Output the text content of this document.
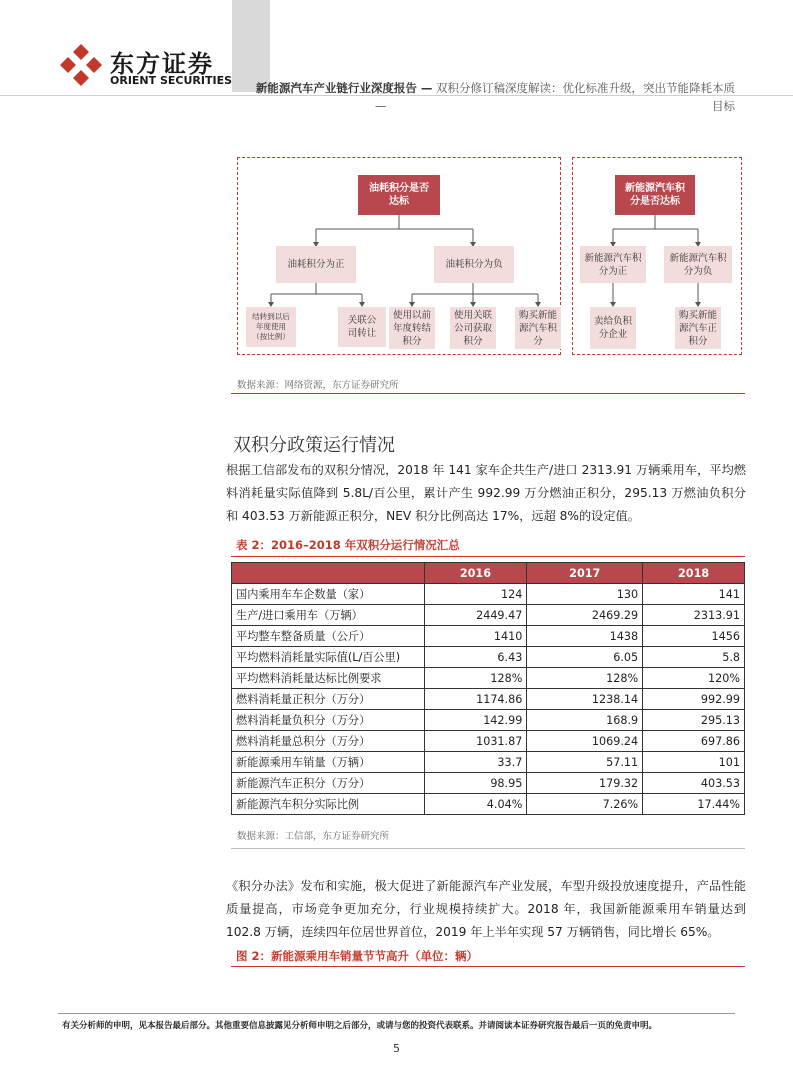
东方证券
ORIENT SECURITIES
新能源汽车产业链行业深度报告 — 双积分修订稿深度解读：优化标准升级，突出节能降耗本质
—	目标
油耗积分是否达标
油耗积分为正	油耗积分为负
结转到以后年度使用（按比例）
关联公司转让
使用以前年度转结积分
使用关联公司获取积分
购买新能源汽车积分
新能源汽车积分是否达标
新能源汽车积分为正
新能源汽车积分为负
卖给负积分企业
购买新能源汽车正积分
数据来源：网络资源，东方证券研究所
双积分政策运行情况
根据工信部发布的双积分情况，2018 年 141 家车企共生产/进口 2313.91 万辆乘用车，平均燃料消耗量实际值降到 5.8L/百公里，累计产生 992.99 万分燃油正积分，295.13 万燃油负积分和 403.53 万新能源正积分，NEV 积分比例高达 17%，远超 8%的设定值。
表 2：2016–2018 年双积分运行情况汇总
	2016	2017	2018
国内乘用车车企数量（家）	124	130	141
生产/进口乘用车（万辆）	2449.47	2469.29	2313.91
平均整车整备质量（公斤）	1410	1438	1456
平均燃料消耗量实际值(L/百公里)	6.43	6.05	5.8
平均燃料消耗量达标比例要求	128%	128%	120%
燃料消耗量正积分（万分）	1174.86	1238.14	992.99
燃料消耗量负积分（万分）	142.99	168.9	295.13
燃料消耗量总积分（万分）	1031.87	1069.24	697.86
新能源乘用车销量（万辆）	33.7	57.11	101
新能源汽车正积分（万分）	98.95	179.32	403.53
新能源汽车积分实际比例	4.04%	7.26%	17.44%
数据来源：工信部，东方证券研究所
《积分办法》发布和实施，极大促进了新能源汽车产业发展，车型升级投放速度提升，产品性能质量提高，市场竞争更加充分，行业规模持续扩大。2018 年，我国新能源乘用车销量达到 102.8 万辆，连续四年位居世界首位，2019 年上半年实现 57 万辆销售，同比增长 65%。
图 2：新能源乘用车销量节节高升（单位：辆）
有关分析师的申明，见本报告最后部分。其他重要信息披露见分析师申明之后部分，或请与您的投资代表联系。并请阅读本证券研究报告最后一页的免责申明。
5
